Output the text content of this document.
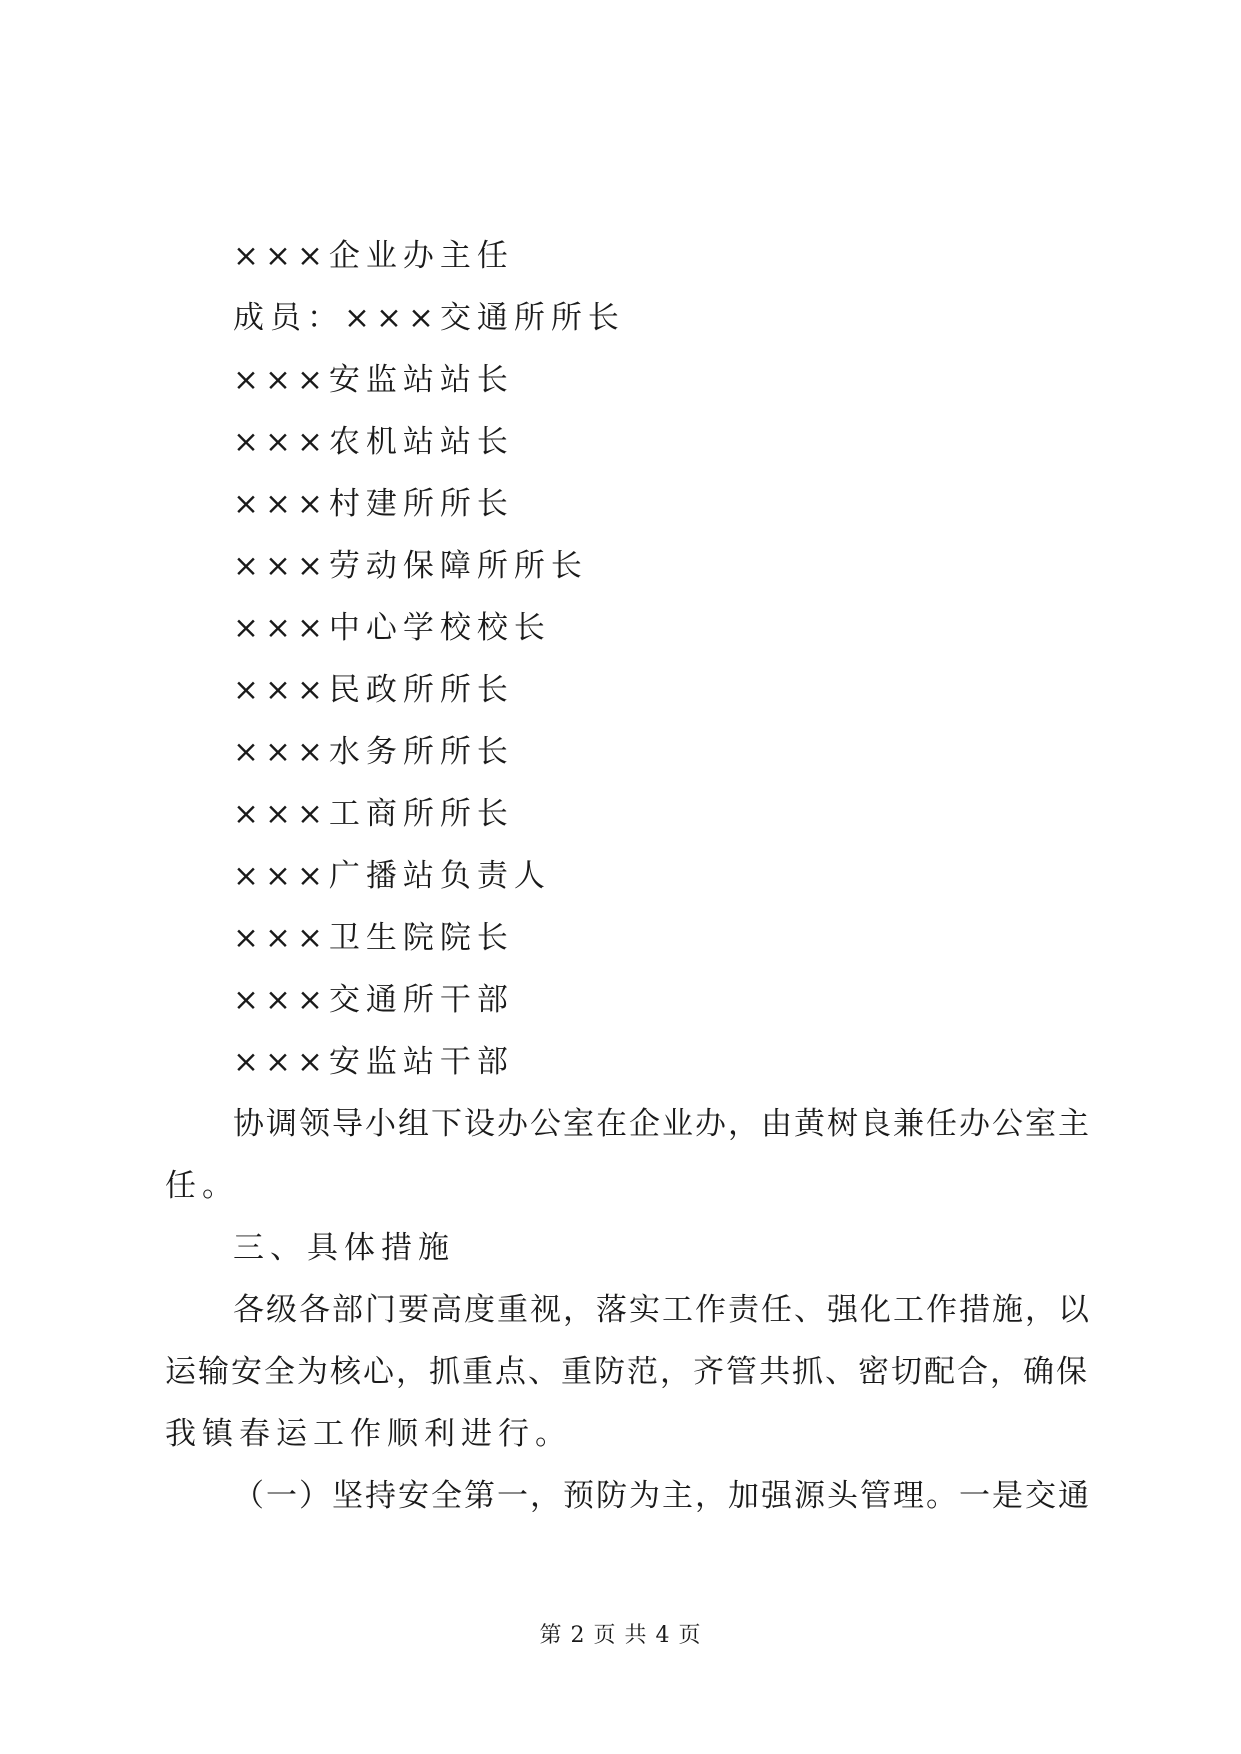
×××企业办主任
成员：×××交通所所长
×××安监站站长
×××农机站站长
×××村建所所长
×××劳动保障所所长
×××中心学校校长
×××民政所所长
×××水务所所长
×××工商所所长
×××广播站负责人
×××卫生院院长
×××交通所干部
×××安监站干部
协调领导小组下设办公室在企业办，由黄树良兼任办公室主
任。
三、具体措施
各级各部门要高度重视，落实工作责任、强化工作措施，以
运输安全为核心，抓重点、重防范，齐管共抓、密切配合，确保
我镇春运工作顺利进行。
（一）坚持安全第一，预防为主，加强源头管理。一是交通
第 2 页 共 4 页
